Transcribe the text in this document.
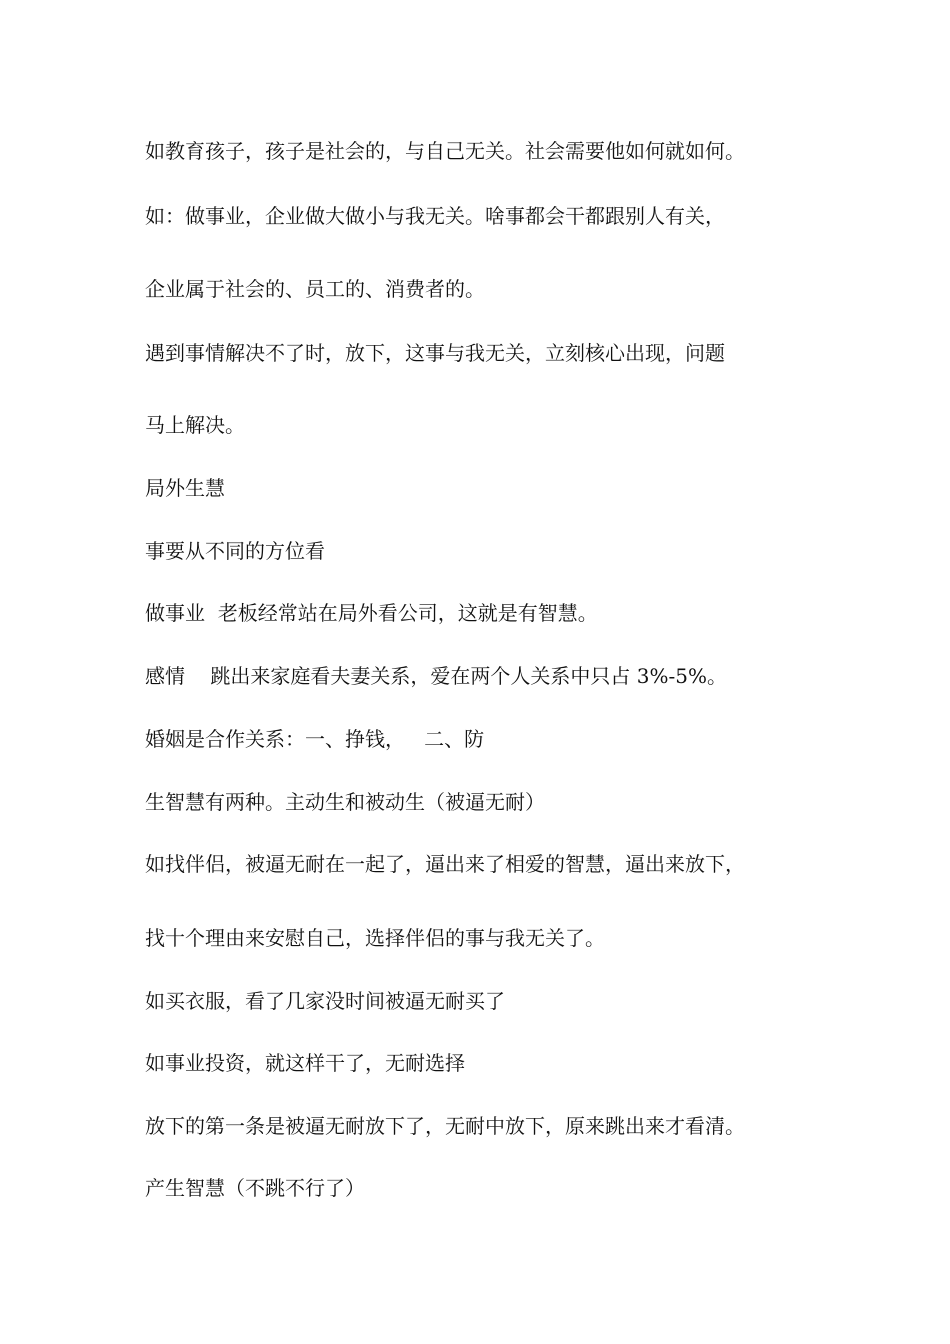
如教育孩子，孩子是社会的，与自己无关。社会需要他如何就如何。

如：做事业，企业做大做小与我无关。啥事都会干都跟别人有关，

企业属于社会的、员工的、消费者的。

遇到事情解决不了时，放下，这事与我无关，立刻核心出现，问题

马上解决。

局外生慧

事要从不同的方位看

做事业  老板经常站在局外看公司，这就是有智慧。

感情    跳出来家庭看夫妻关系，爱在两个人关系中只占 3%-5%。

婚姻是合作关系：一、挣钱，   二、防

生智慧有两种。主动生和被动生（被逼无耐）

如找伴侣，被逼无耐在一起了，逼出来了相爱的智慧，逼出来放下，

找十个理由来安慰自己，选择伴侣的事与我无关了。

如买衣服，看了几家没时间被逼无耐买了

如事业投资，就这样干了，无耐选择

放下的第一条是被逼无耐放下了，无耐中放下，原来跳出来才看清。

产生智慧（不跳不行了）
